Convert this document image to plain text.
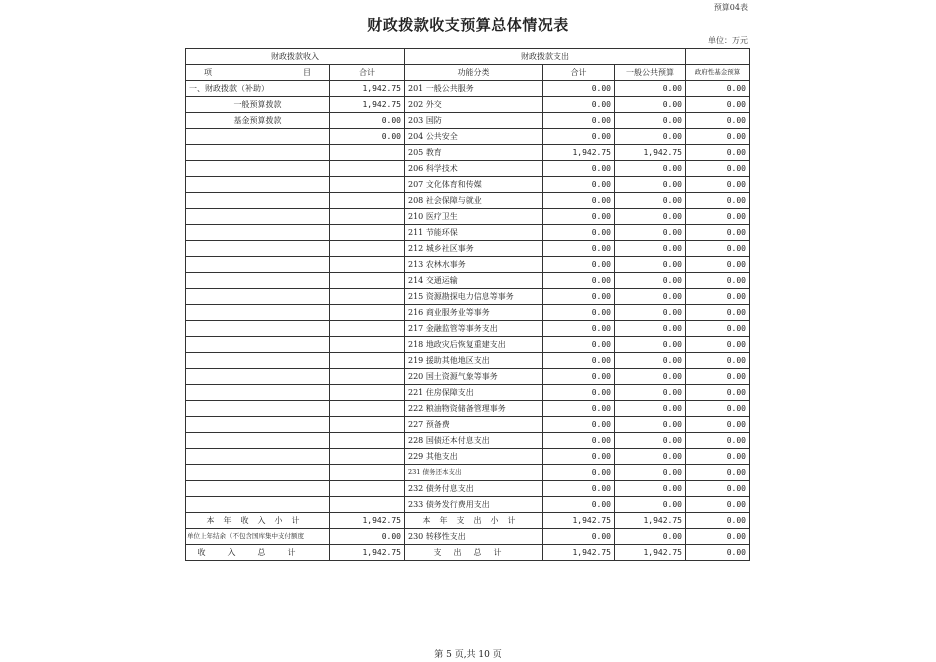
预算04表
财政拨款收支预算总体情况表
单位：万元
财政拨款收入		财政拨款支出			
项 目	合计	功能分类	合计	一般公共预算	政府性基金预算
一、财政拨款（补助）	1,942.75	201 一般公共服务	0.00	0.00	0.00
一般预算拨款	1,942.75	202 外交	0.00	0.00	0.00
基金预算拨款	0.00	203 国防	0.00	0.00	0.00
	0.00	204 公共安全	0.00	0.00	0.00
		205 教育	1,942.75	1,942.75	0.00
		206 科学技术	0.00	0.00	0.00
		207 文化体育和传媒	0.00	0.00	0.00
		208 社会保障与就业	0.00	0.00	0.00
		210 医疗卫生	0.00	0.00	0.00
		211 节能环保	0.00	0.00	0.00
		212 城乡社区事务	0.00	0.00	0.00
		213 农林水事务	0.00	0.00	0.00
		214 交通运输	0.00	0.00	0.00
		215 资源勘探电力信息等事务	0.00	0.00	0.00
		216 商业服务业等事务	0.00	0.00	0.00
		217 金融监管等事务支出	0.00	0.00	0.00
		218 地政灾后恢复重建支出	0.00	0.00	0.00
		219 援助其他地区支出	0.00	0.00	0.00
		220 国土资源气象等事务	0.00	0.00	0.00
		221 住房保障支出	0.00	0.00	0.00
		222 粮油物资储备管理事务	0.00	0.00	0.00
		227 预备费	0.00	0.00	0.00
		228 国债还本付息支出	0.00	0.00	0.00
		229 其他支出	0.00	0.00	0.00
		231 债务还本支出	0.00	0.00	0.00
		232 债务付息支出	0.00	0.00	0.00
		233 债务发行费用支出	0.00	0.00	0.00
本年收入小计	1,942.75	本年支出小计	1,942.75	1,942.75	0.00
单位上年结余（不包含国库集中支付额度	0.00	230 转移性支出	0.00	0.00	0.00
收入总计	1,942.75	支出总计	1,942.75	1,942.75	0.00
第 5 页,共 10 页
